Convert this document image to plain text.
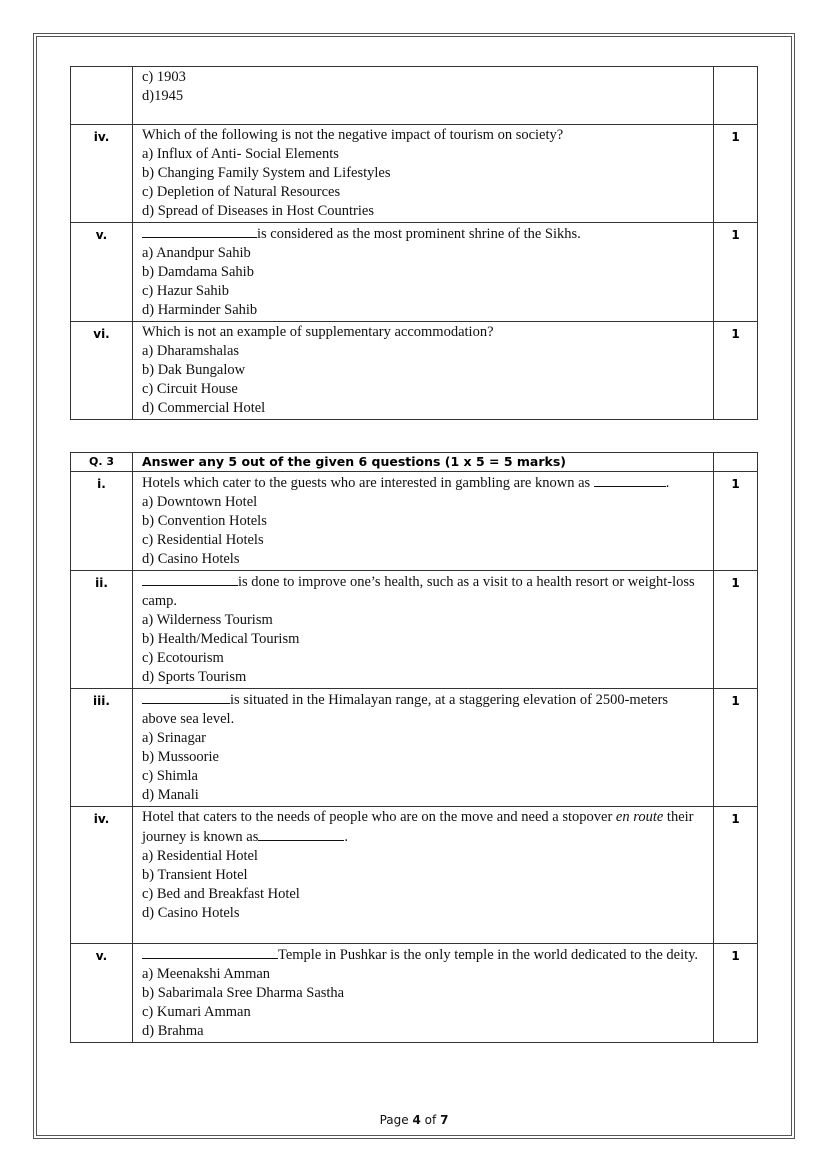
	c) 1903
d)1945	

iv.	Which of the following is not the negative impact of tourism on society?
a) Influx of Anti- Social Elements
b) Changing Family System and Lifestyles
c) Depletion of Natural Resources
d) Spread of Diseases in Host Countries	1
v.	is considered as the most prominent shrine of the Sikhs.
a) Anandpur Sahib
b) Damdama Sahib
c) Hazur Sahib
d) Harminder Sahib	1
vi.	Which is not an example of supplementary accommodation?
a) Dharamshalas
b) Dak Bungalow
c) Circuit House
d) Commercial Hotel	1
Q. 3	Answer any 5 out of the given 6 questions (1 x 5 = 5 marks)	
i.	Hotels which cater to the guests who are interested in gambling are known as .
a) Downtown Hotel
b) Convention Hotels
c) Residential Hotels
d) Casino Hotels	1
ii.	is done to improve one’s health, such as a visit to a health resort or weight-loss camp.
a) Wilderness Tourism
b) Health/Medical Tourism
c) Ecotourism
d) Sports Tourism	1
iii.	is situated in the Himalayan range, at a staggering elevation of 2500-meters above sea level.
a) Srinagar
b) Mussoorie
c) Shimla
d) Manali	1
iv.	Hotel that caters to the needs of people who are on the move and need a stopover en route their journey is known as .
a) Residential Hotel
b) Transient Hotel
c) Bed and Breakfast Hotel
d) Casino Hotels	1
v.	Temple in Pushkar is the only temple in the world dedicated to the deity.
a) Meenakshi Amman
b) Sabarimala Sree Dharma Sastha
c) Kumari Amman
d) Brahma	1
Page 4 of 7
